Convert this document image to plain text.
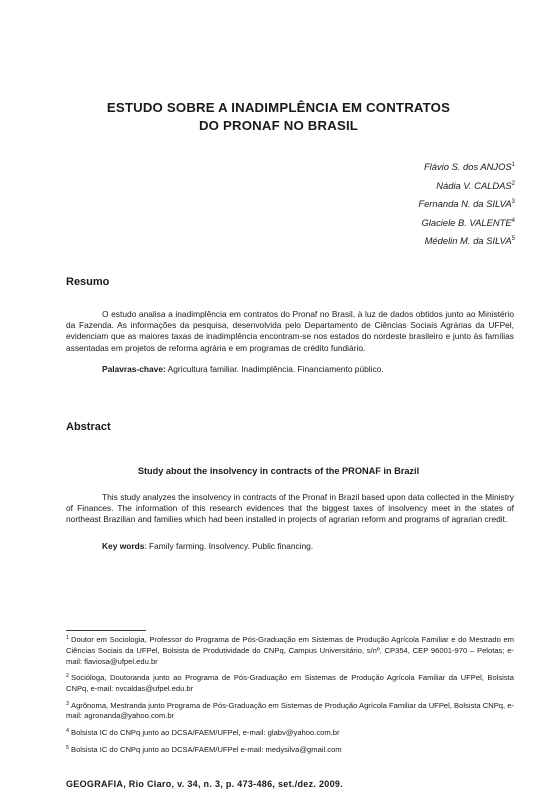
ESTUDO SOBRE A INADIMPLÊNCIA EM CONTRATOS
DO PRONAF NO BRASIL
Flávio S. dos ANJOS$^1$
Nádia V. CALDAS$^2$
Fernanda N. da SILVA$^3$
Glaciele B. VALENTE$^4$
Médelin M. da SILVA$^5$
Resumo

O estudo analisa a inadimplência em contratos do Pronaf no Brasil, à luz de dados obtidos junto ao Ministério da Fazenda. As informações da pesquisa, desenvolvida pelo Departamento de Ciências Sociais Agrárias da UFPel, evidenciam que as maiores taxas de inadimplência encontram-se nos estados do nordeste brasileiro e junto às famílias assentadas em projetos de reforma agrária e em programas de crédito fundiário.

Palavras-chave: Agricultura familiar. Inadimplência. Financiamento público.
Abstract
Study about the insolvency in contracts of the PRONAF in Brazil

This study analyzes the insolvency in contracts of the Pronaf in Brazil based upon data collected in the Ministry of Finances. The information of this research evidences that the biggest taxes of insolvency meet in the states of northeast Brazilian and families which had been installed in projects of agrarian reform and programs of agrarian credit.

Key words: Family farming. Insolvency. Public financing.
$^1$ Doutor em Sociologia, Professor do Programa de Pós-Graduação em Sistemas de Produção Agrícola Familiar e do Mestrado em Ciências Sociais da UFPel, Bolsista de Produtividade do CNPq, Campus Universitário, s/nº, CP354, CEP 96001-970 – Pelotas; e-mail: flaviosa@ufpel.edu.br
$^2$ Socióloga, Doutoranda junto ao Programa de Pós-Graduação em Sistemas de Produção Agrícola Familiar da UFPel, Bolsista CNPq, e-mail: nvcaldas@ufpel.edu.br
$^3$ Agrônoma, Mestranda junto Programa de Pós-Graduação em Sistemas de Produção Agrícola Familiar da UFPel, Bolsista CNPq, e-mail: agronanda@yahoo.com.br
$^4$ Bolsista IC do CNPq junto ao DCSA/FAEM/UFPel, e-mail: glabv@yahoo.com.br
$^5$ Bolsista IC do CNPq junto ao DCSA/FAEM/UFPel e-mail: medysilva@gmail.com
GEOGRAFIA, Rio Claro, v. 34, n. 3, p. 473-486, set./dez. 2009.
